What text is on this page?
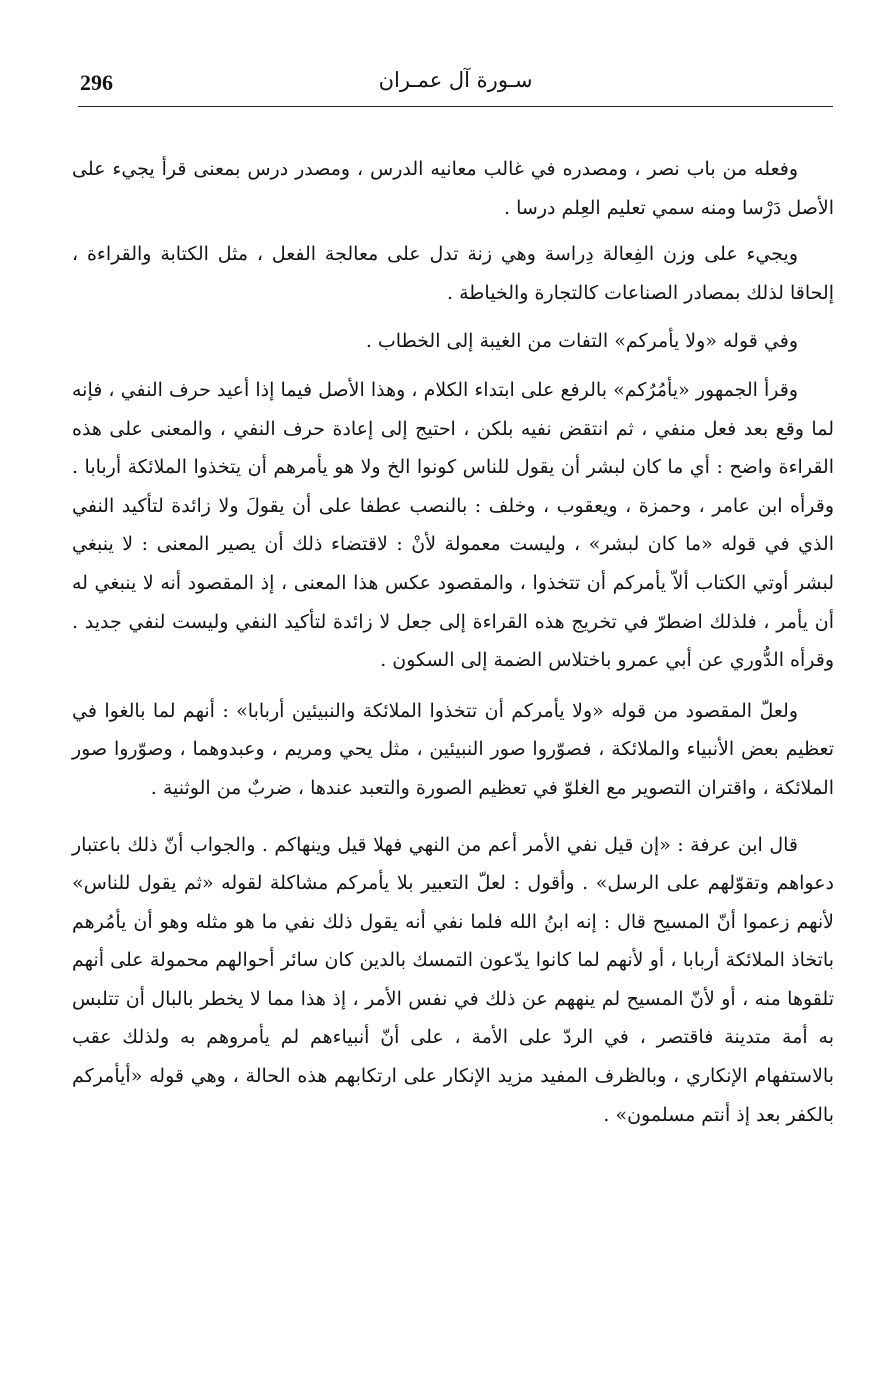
296	سـورة آل عمـران

وفعله من باب نصر ، ومصدره في غالب معانيه الدرس ، ومصدر درس بمعنى قرأ يجيء على الأصل دَرْسا ومنه سمي تعليم العِلم درسا .

ويجيء على وزن الفِعالة دِراسة وهي زنة تدل على معالجة الفعل ، مثل الكتابة والقراءة ، إلحاقا لذلك بمصادر الصناعات كالتجارة والخياطة .

وفي قوله «ولا يأمركم» التفات من الغيبة إلى الخطاب .

وقرأ الجمهور «يأمُرُكم» بالرفع على ابتداء الكلام ، وهذا الأصل فيما إذا أعيد حرف النفي ، فإنه لما وقع بعد فعل منفي ، ثم انتقض نفيه بلكن ، احتيج إلى إعادة حرف النفي ، والمعنى على هذه القراءة واضح : أي ما كان لبشر أن يقول للناس كونوا الخ ولا هو يأمرهم أن يتخذوا الملائكة أربابا . وقرأه ابن عامر ، وحمزة ، ويعقوب ، وخلف : بالنصب عطفا على أن يقولَ ولا زائدة لتأكيد النفي الذي في قوله «ما كان لبشر» ، وليست معمولة لأنْ : لاقتضاء ذلك أن يصير المعنى : لا ينبغي لبشر أوتي الكتاب ألاّ يأمركم أن تتخذوا ، والمقصود عكس هذا المعنى ، إذ المقصود أنه لا ينبغي له أن يأمر ، فلذلك اضطرّ في تخريج هذه القراءة إلى جعل لا زائدة لتأكيد النفي وليست لنفي جديد . وقرأه الدُّوري عن أبي عمرو باختلاس الضمة إلى السكون .

ولعلّ المقصود من قوله «ولا يأمركم أن تتخذوا الملائكة والنبيئين أربابا» : أنهم لما بالغوا في تعظيم بعض الأنبياء والملائكة ، فصوّروا صور النبيئين ، مثل يحي ومريم ، وعبدوهما ، وصوّروا صور الملائكة ، واقتران التصوير مع الغلوّ في تعظيم الصورة والتعبد عندها ، ضربٌ من الوثنية .

قال ابن عرفة : «إن قيل نفي الأمر أعم من النهي فهلا قيل وينهاكم . والجواب أنّ ذلك باعتبار دعواهم وتقوّلهم على الرسل» . وأقول : لعلّ التعبير بلا يأمركم مشاكلة لقوله «ثم يقول للناس» لأنهم زعموا أنّ المسيح قال : إنه ابنُ الله فلما نفي أنه يقول ذلك نفي ما هو مثله وهو أن يأمُرهم باتخاذ الملائكة أربابا ، أو لأنهم لما كانوا يدّعون التمسك بالدين كان سائر أحوالهم محمولة على أنهم تلقوها منه ، أو لأنّ المسيح لم ينههم عن ذلك في نفس الأمر ، إذ هذا مما لا يخطر بالبال أن تتلبس به أمة متدينة فاقتصر ، في الردّ على الأمة ، على أنّ أنبياءهم لم يأمروهم به ولذلك عقب بالاستفهام الإنكاري ، وبالظرف المفيد مزيد الإنكار على ارتكابهم هذه الحالة ، وهي قوله «أيأمركم بالكفر بعد إذ أنتم مسلمون» .
